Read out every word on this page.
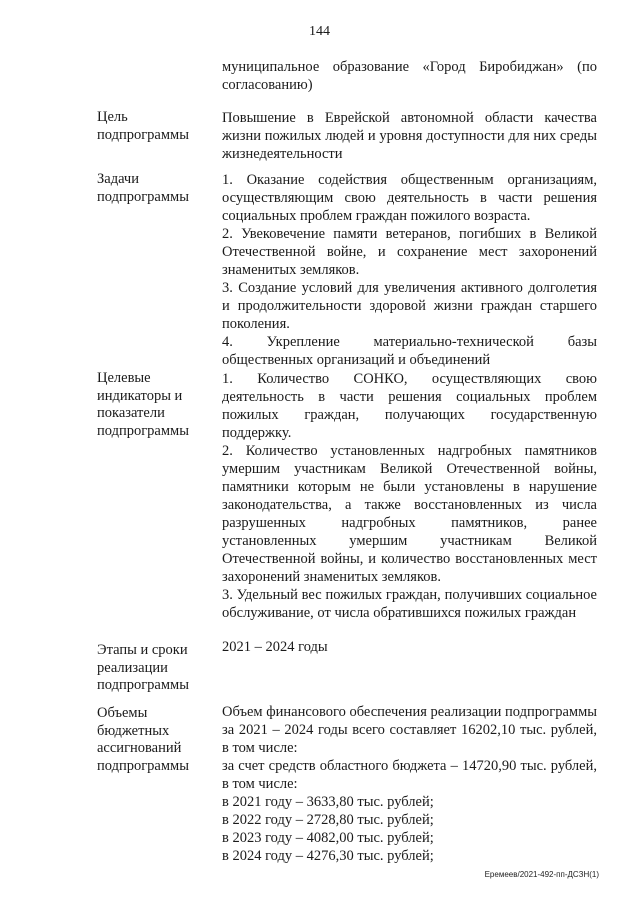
144

муниципальное образование «Город Биробиджан» (по согласованию)

Цель подпрограммы

Повышение в Еврейской автономной области качества жизни пожилых людей и уровня доступности для них среды жизнедеятельности

Задачи подпрограммы

1. Оказание содействия общественным организациям, осуществляющим свою деятельность в части решения социальных проблем граждан пожилого возраста.

2. Увековечение памяти ветеранов, погибших в Великой Отечественной войне, и сохранение мест захоронений знаменитых земляков.

3. Создание условий для увеличения активного долголетия и продолжительности здоровой жизни граждан старшего поколения.

4. Укрепление материально-технической базы общественных организаций и объединений

Целевые индикаторы и показатели подпрограммы

1. Количество СОНКО, осуществляющих свою деятельность в части решения социальных проблем пожилых граждан, получающих государственную поддержку.

2. Количество установленных надгробных памятников умершим участникам Великой Отечественной войны, памятники которым не были установлены в нарушение законодательства, а также восстановленных из числа разрушенных надгробных памятников, ранее установленных умершим участникам Великой Отечественной войны, и количество восстановленных мест захоронений знаменитых земляков.

3. Удельный вес пожилых граждан, получивших социальное обслуживание, от числа обратившихся пожилых граждан

Этапы и сроки реализации подпрограммы

2021 – 2024 годы

Объемы бюджетных ассигнований подпрограммы

Объем финансового обеспечения реализации подпрограммы за 2021 – 2024 годы всего составляет 16202,10 тыс. рублей, в том числе:

за счет средств областного бюджета – 14720,90 тыс. рублей, в том числе:

в 2021 году – 3633,80 тыс. рублей;

в 2022 году – 2728,80 тыс. рублей;

в 2023 году – 4082,00 тыс. рублей;

в 2024 году – 4276,30 тыс. рублей;

Еремеев/2021-492-пп-ДСЗН(1)
